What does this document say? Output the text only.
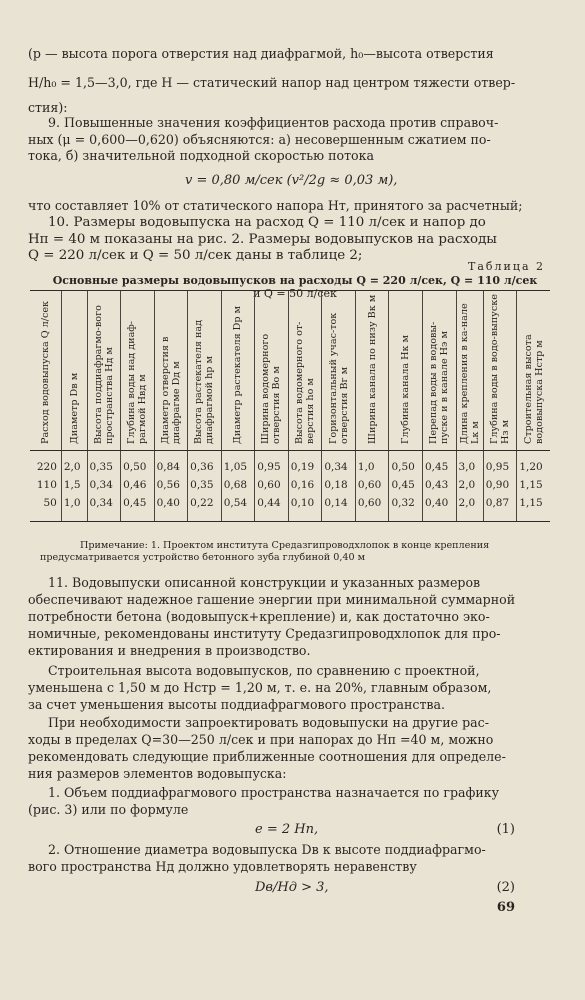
(p — высота порога отверстия над диафрагмой, h₀—высота отверстия
H/h₀ = 1,5—3,0, где H — статический напор над центром тяжести отвер-
стия):
9. Повышенные значения коэффициентов расхода против справоч-
ных (μ = 0,600—0,620) объясняются: а) несовершенным сжатием по-
тока, б) значительной подходной скоростью потока
v = 0,80 м/сек (v²/2g ≈ 0,03 м),
что составляет 10% от статического напора Hт, принятого за расчетный;
10. Размеры водовыпуска на расход Q = 110 л/сек и напор до
Hп = 40 м показаны на рис. 2. Размеры водовыпусков на расходы
Q = 220 л/сек и Q = 50 л/сек даны в таблице 2;
Таблица 2
Основные размеры водовыпусков на расходы Q = 220 л/сек, Q = 110 л/сек
и Q = 50 л/сек
Расход водовыпуска Q л/сек	Диаметр Dв м	Высота поддиафрагмо-вого пространства Hд м	Глубина воды над диаф-рагмой Hвд м	Диаметр отверстия в диафрагме Dд м	Высота растекателя над диафрагмой hр м	Диаметр растекателя Dр м	Ширина водомерного отверстия Bо м	Высота водомерного от-верстия hо м	Горизонтальный учас-ток отверстия Bг м	Ширина канала по низу Bк м	Глубина канала Hк м	Перепад воды в водовы-пуске и в канале Hэ м	Длина крепления в ка-нале Lк м	Глубина воды в водо-выпуске Hз м	Строительная высота водовыпуска Hстр м
220	2,0	0,35	0,50	0,84	0,36	1,05	0,95	0,19	0,34	1,0	0,50	0,45	3,0	0,95	1,20
110	1,5	0,34	0,46	0,56	0,35	0,68	0,60	0,16	0,18	0,60	0,45	0,43	2,0	0,90	1,15
50	1,0	0,34	0,45	0,40	0,22	0,54	0,44	0,10	0,14	0,60	0,32	0,40	2,0	0,87	1,15
Примечание: 1. Проектом института Средазгипроводхлопок в конце крепления
предусматривается устройство бетонного зуба глубиной 0,40 м
11. Водовыпуски описанной конструкции и указанных размеров
обеспечивают надежное гашение энергии при минимальной суммарной
потребности бетона (водовыпуск+крепление) и, как достаточно эко-
номичные, рекомендованы институту Средазгипроводхлопок для про-
ектирования и внедрения в производство.
Строительная высота водовыпусков, по сравнению с проектной,
уменьшена с 1,50 м до Hстр = 1,20 м, т. е. на 20%, главным образом,
за счет уменьшения высоты поддиафрагмового пространства.
При необходимости запроектировать водовыпуски на другие рас-
ходы в пределах Q=30—250 л/сек и при напорах до Hп =40 м, можно
рекомендовать следующие приближенные соотношения для определе-
ния размеров элементов водовыпуска:
1. Объем поддиафрагмового пространства назначается по графику
(рис. 3) или по формуле
e = 2 Hп,	(1)
2. Отношение диаметра водовыпуска Dв к высоте поддиафрагмо-
вого пространства Hд должно удовлетворять неравенству
Dв/Hд > 3,	(2)
69
